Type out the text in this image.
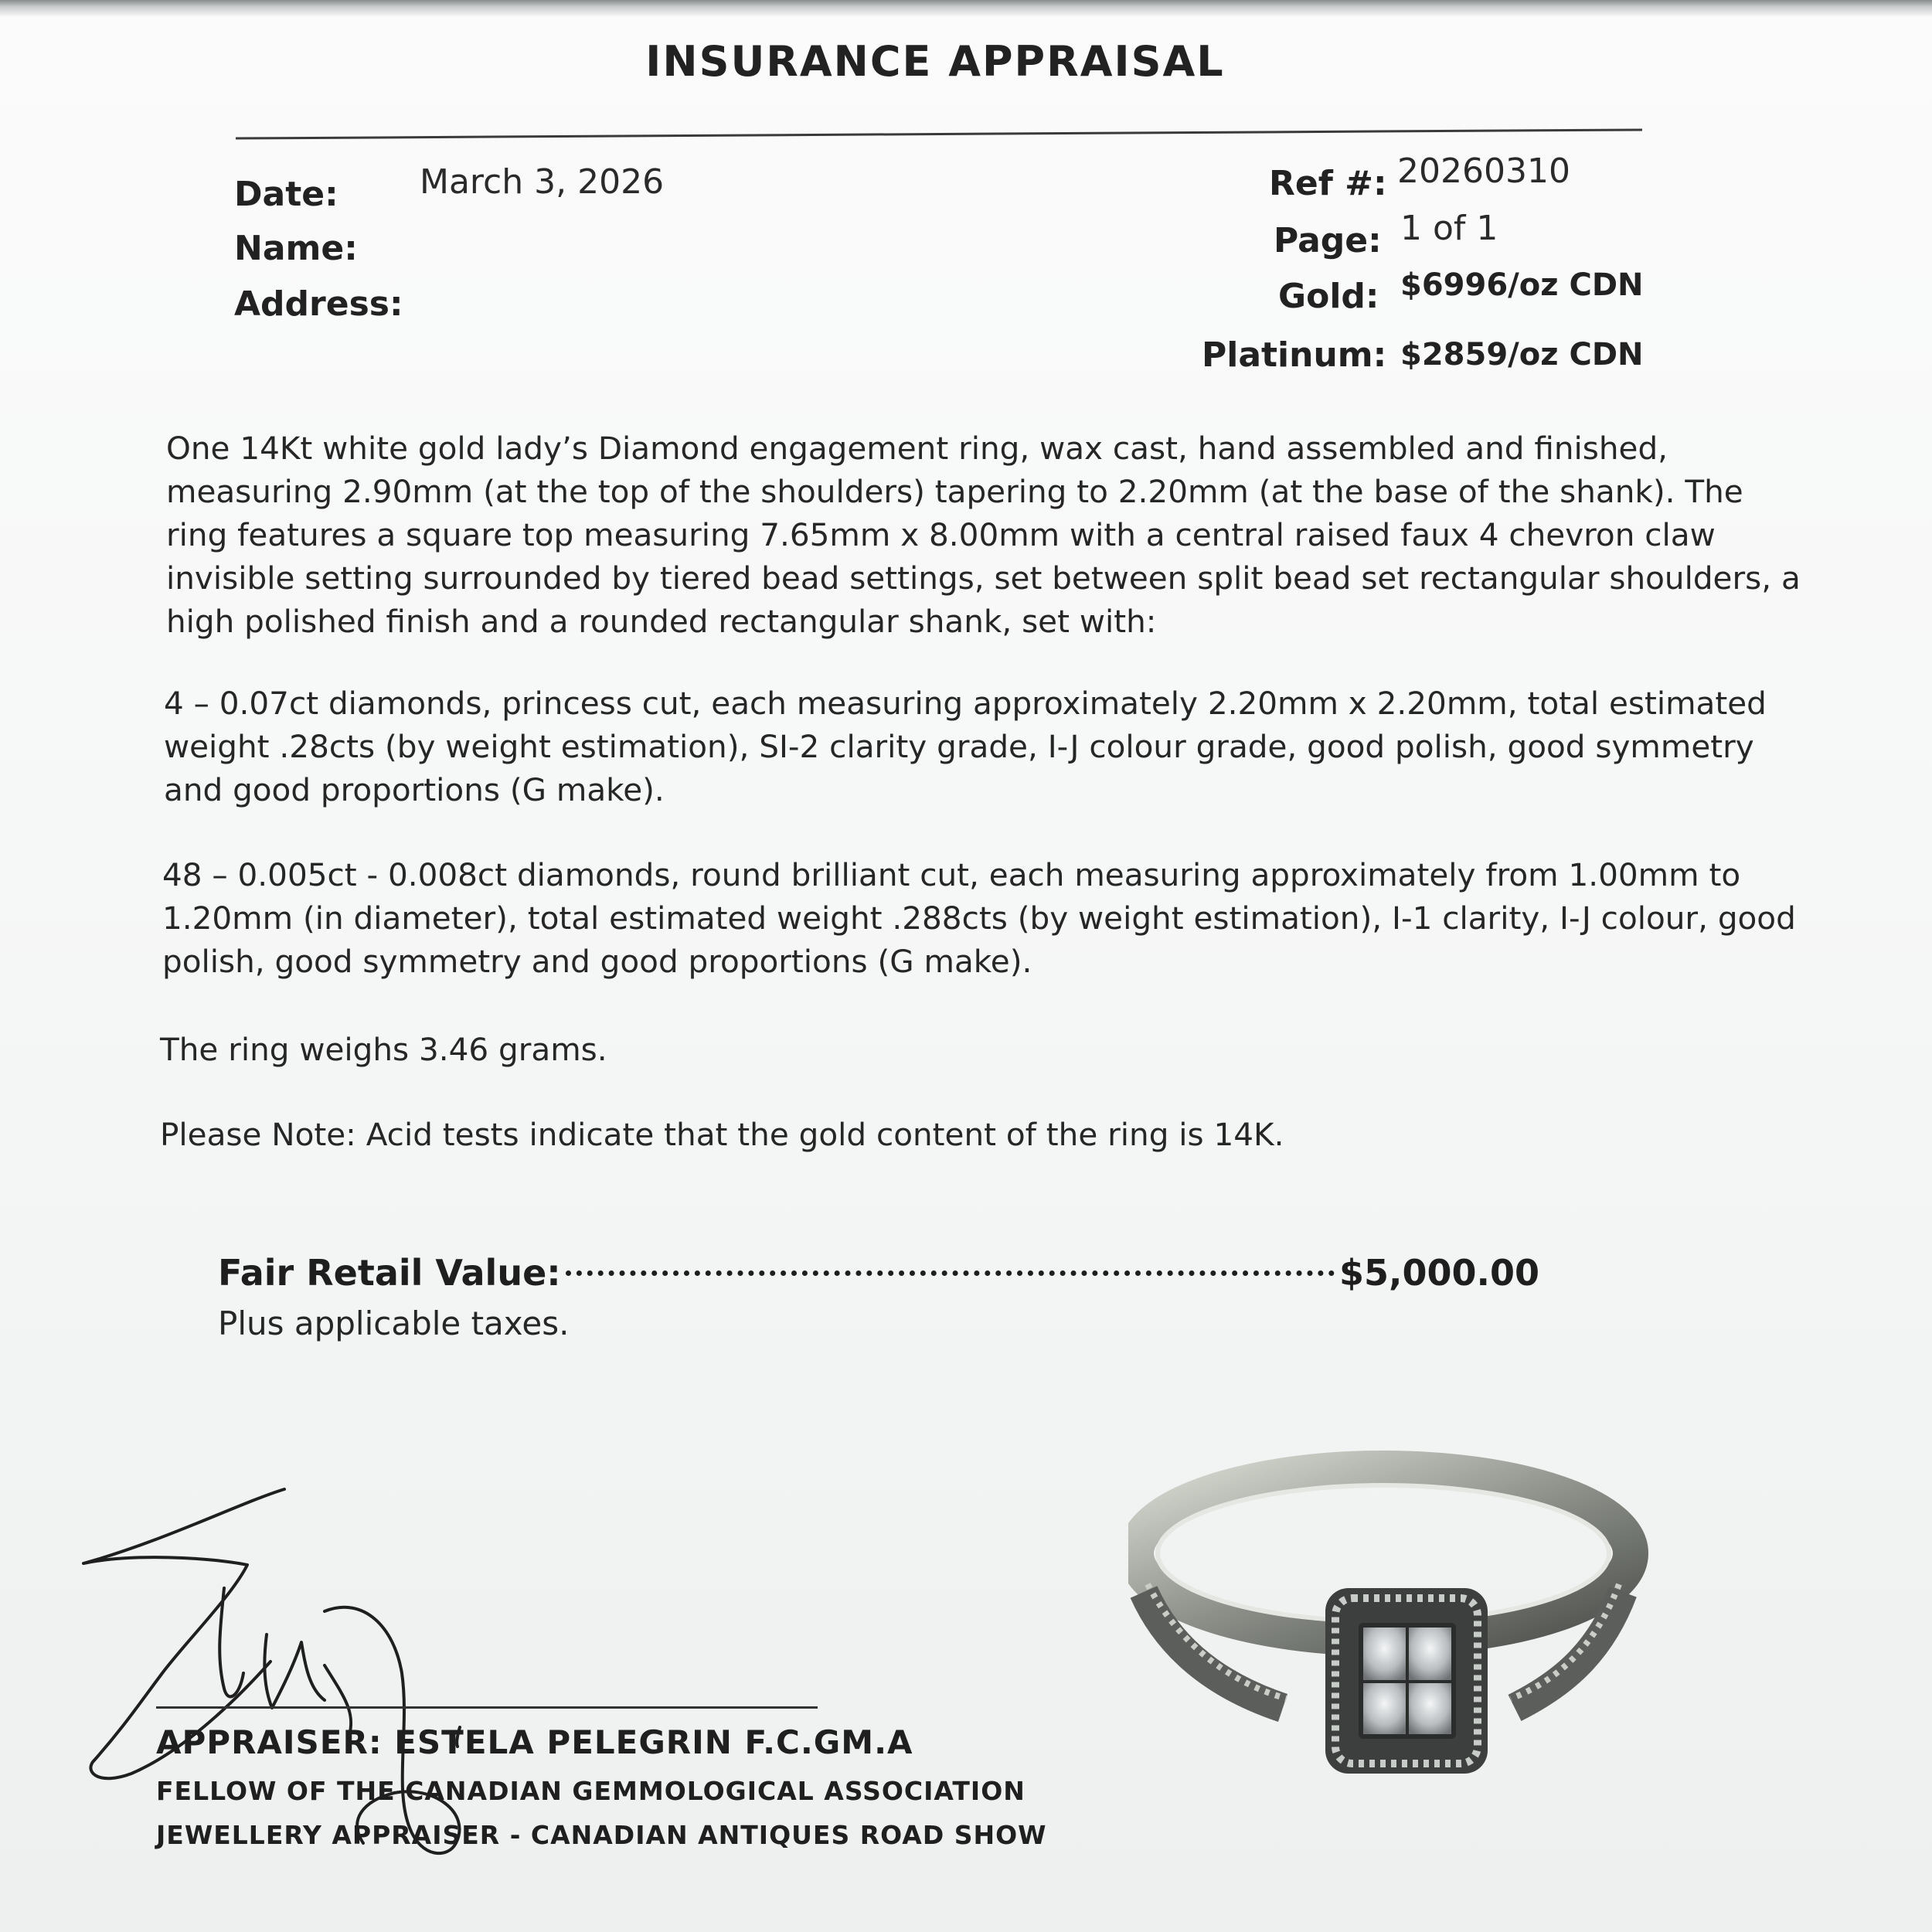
INSURANCE APPRAISAL
Date: March 3, 2026
Name:
Address:
Ref #: 20260310
Page: 1 of 1
Gold: $6996/oz CDN
Platinum: $2859/oz CDN
One 14Kt white gold lady’s Diamond engagement ring, wax cast, hand assembled and finished,
measuring 2.90mm (at the top of the shoulders) tapering to 2.20mm (at the base of the shank). The
ring features a square top measuring 7.65mm x 8.00mm with a central raised faux 4 chevron claw
invisible setting surrounded by tiered bead settings, set between split bead set rectangular shoulders, a
high polished finish and a rounded rectangular shank, set with:
4 – 0.07ct diamonds, princess cut, each measuring approximately 2.20mm x 2.20mm, total estimated
weight .28cts (by weight estimation), SI-2 clarity grade, I-J colour grade, good polish, good symmetry
and good proportions (G make).
48 – 0.005ct - 0.008ct diamonds, round brilliant cut, each measuring approximately from 1.00mm to
1.20mm (in diameter), total estimated weight .288cts (by weight estimation), I-1 clarity, I-J colour, good
polish, good symmetry and good proportions (G make).
The ring weighs 3.46 grams.
Please Note: Acid tests indicate that the gold content of the ring is 14K.
Fair Retail Value:	$5,000.00
Plus applicable taxes.
APPRAISER: ESTELA PELEGRIN F.C.GM.A
FELLOW OF THE CANADIAN GEMMOLOGICAL ASSOCIATION
JEWELLERY APPRAISER - CANADIAN ANTIQUES ROAD SHOW
